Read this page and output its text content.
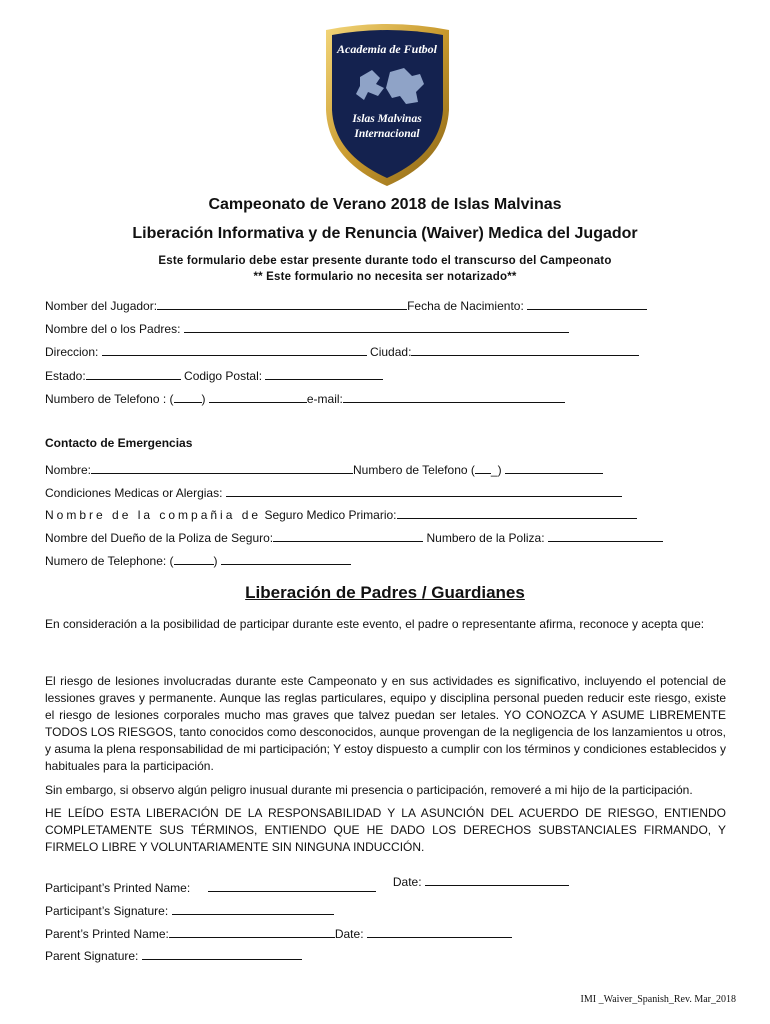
Academia de Futbol
Islas Malvinas
Internacional
Campeonato de Verano 2018 de Islas Malvinas
Liberación Informativa y de Renuncia (Waiver) Medica del Jugador
Este formulario debe estar presente durante todo el transcurso del Campeonato
** Este formulario no necesita ser notarizado**
Nomber del Jugador:	Fecha de Nacimiento:
Nombre del o los Padres:
Direccion:	Ciudad:
Estado:	Codigo Postal:
Numbero de Telefono : ( )	e-mail:
Contacto de Emergencias
Nombre:	Numbero de Telefono ( _)
Condiciones Medicas or Alergias:
Nombre de la compañia de Seguro Medico Primario:
Nombre del Dueño de la Poliza de Seguro:	Numbero de la Poliza:
Numero de Telephone: (	)
Liberación de Padres / Guardianes
En consideración a la posibilidad de participar durante este evento, el padre o representante afirma, reconoce y acepta que:
El riesgo de lesiones involucradas durante este Campeonato y en sus actividades es significativo, incluyendo el potencial de lessiones graves y permanente. Aunque las reglas particulares, equipo y disciplina personal pueden reducir este riesgo, existe el riesgo de lesiones corporales mucho mas graves que talvez puedan ser letales. YO CONOZCA Y ASUME LIBREMENTE TODOS LOS RIESGOS, tanto conocidos como desconocidos, aunque provengan de la negligencia de los lanzamientos u otros, y asuma la plena responsabilidad de mi participación; Y estoy dispuesto a cumplir con los términos y condiciones establecidos y habituales para la participación.
Sin embargo, si observo algún peligro inusual durante mi presencia o participación, removeré a mi hijo de la participación.
HE LEÍDO ESTA LIBERACIÓN DE LA RESPONSABILIDAD Y LA ASUNCIÓN DEL ACUERDO DE RIESGO, ENTIENDO COMPLETAMENTE SUS TÉRMINOS, ENTIENDO QUE HE DADO LOS DERECHOS SUBSTANCIALES FIRMANDO, Y FIRMELO LIBRE Y VOLUNTARIAMENTE SIN NINGUNA INDUCCIÓN.
Participant’s Printed Name:	Date:
Participant’s Signature:
Parent’s Printed Name:	Date:
Parent Signature:
IMI _Waiver_Spanish_Rev. Mar_2018
